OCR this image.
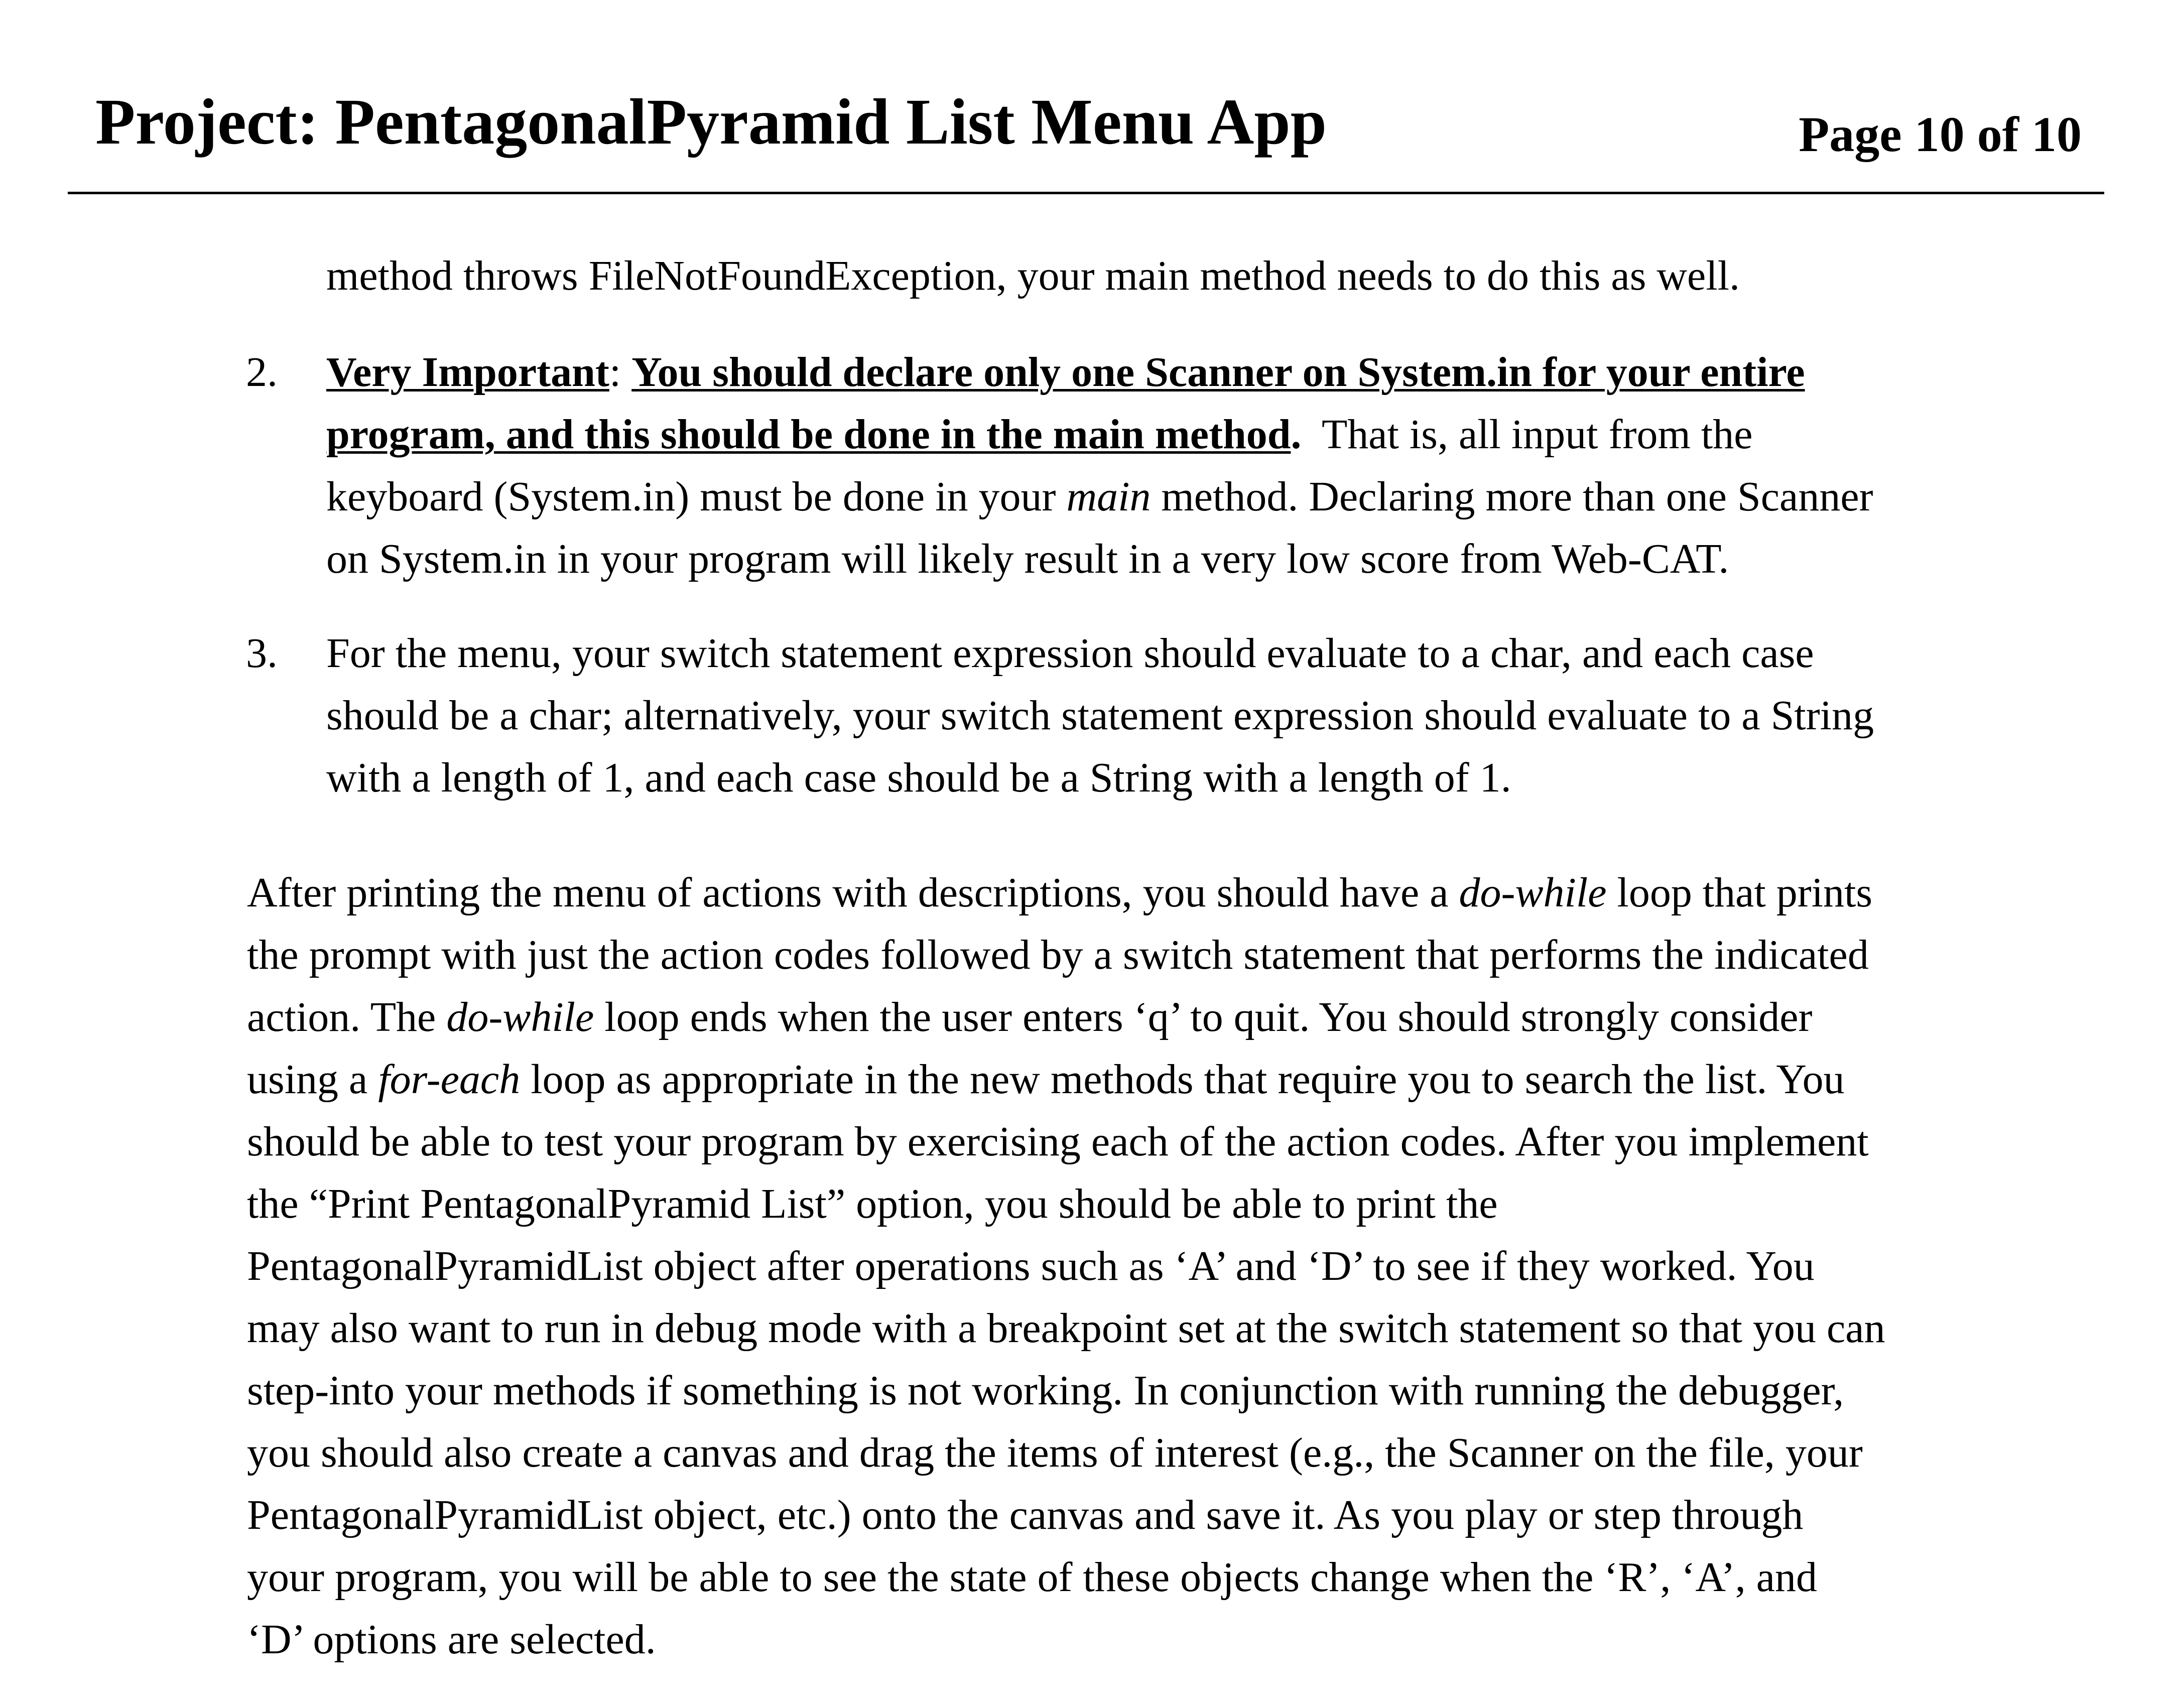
Project: PentagonalPyramid List Menu App	Page 10 of 10
method throws FileNotFoundException, your main method needs to do this as well.
2.	Very Important: You should declare only one Scanner on System.in for your entire
program, and this should be done in the main method. That is, all input from the
keyboard (System.in) must be done in your main method. Declaring more than one Scanner
on System.in in your program will likely result in a very low score from Web-CAT.
3.	For the menu, your switch statement expression should evaluate to a char, and each case
should be a char; alternatively, your switch statement expression should evaluate to a String
with a length of 1, and each case should be a String with a length of 1.
After printing the menu of actions with descriptions, you should have a do-while loop that prints
the prompt with just the action codes followed by a switch statement that performs the indicated
action. The do-while loop ends when the user enters ‘q’ to quit. You should strongly consider
using a for-each loop as appropriate in the new methods that require you to search the list. You
should be able to test your program by exercising each of the action codes. After you implement
the “Print PentagonalPyramid List” option, you should be able to print the
PentagonalPyramidList object after operations such as ‘A’ and ‘D’ to see if they worked. You
may also want to run in debug mode with a breakpoint set at the switch statement so that you can
step-into your methods if something is not working. In conjunction with running the debugger,
you should also create a canvas and drag the items of interest (e.g., the Scanner on the file, your
PentagonalPyramidList object, etc.) onto the canvas and save it. As you play or step through
your program, you will be able to see the state of these objects change when the ‘R’, ‘A’, and
‘D’ options are selected.
